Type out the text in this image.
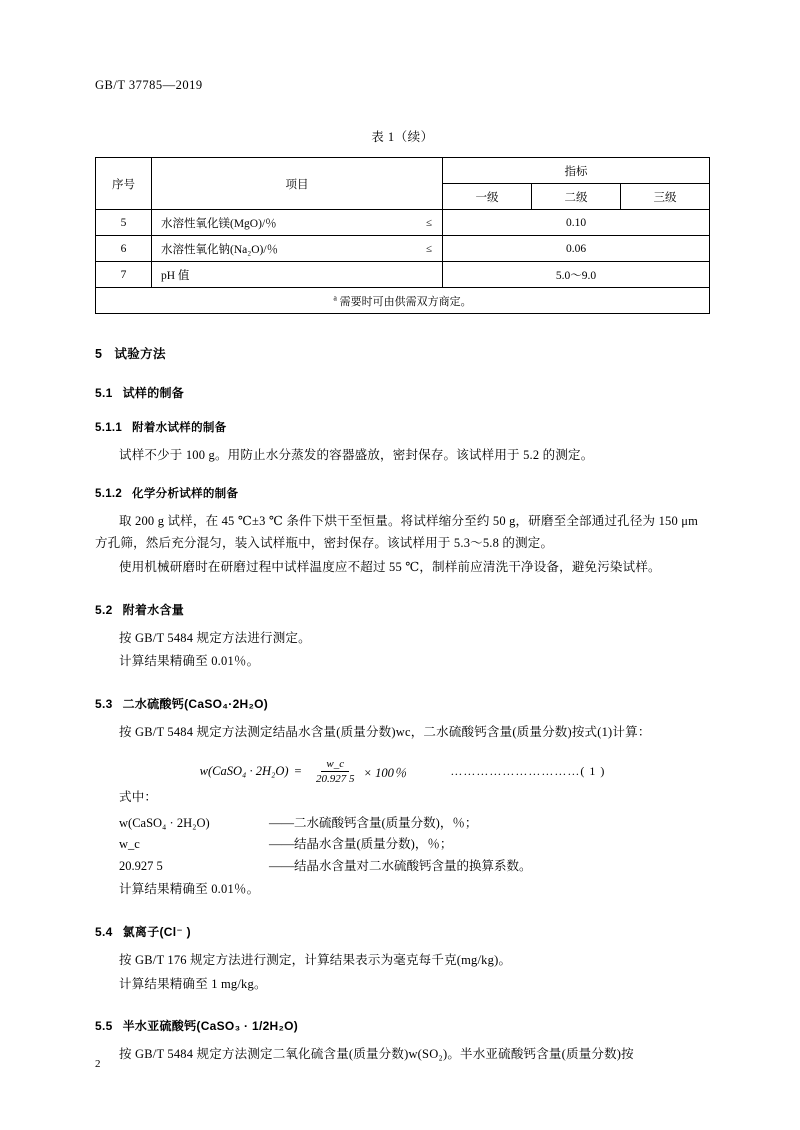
GB/T 37785—2019
表 1（续）
序号	项目	指标		
		一级	二级	三级
5	水溶性氧化镁(MgO)/％ ≤	0.10		
6	水溶性氧化钠(Na₂O)/％ ≤	0.06		
7	pH 值	5.0～9.0		
$^a$ 需要时可由供需双方商定。				
5 试验方法
5.1 试样的制备
5.1.1 附着水试样的制备

试样不少于 100 g。用防止水分蒸发的容器盛放，密封保存。该试样用于 5.2 的测定。

5.1.2 化学分析试样的制备

取 200 g 试样，在 45 ℃±3 ℃ 条件下烘干至恒量。将试样缩分至约 50 g，研磨至全部通过孔径为 150 μm 方孔筛，然后充分混匀，装入试样瓶中，密封保存。该试样用于 5.3～5.8 的测定。

使用机械研磨时在研磨过程中试样温度应不超过 55 ℃，制样前应清洗干净设备，避免污染试样。

5.2 附着水含量

按 GB/T 5484 规定方法进行测定。

计算结果精确至 0.01％。

5.3 二水硫酸钙(CaSO₄·2H₂O)

按 GB/T 5484 规定方法测定结晶水含量(质量分数)wc，二水硫酸钙含量(质量分数)按式(1)计算：

w(CaSO₄ · $2H_2O) = \frac{w\_c}{20.927 5} \times 100$％	…………………………( 1 )

式中：

w(CaSO₄ · 2H₂O)	——二水硫酸钙含量(质量分数)，％；
w_c	——结晶水含量(质量分数)，％；
20.927 5	——结晶水含量对二水硫酸钙含量的换算系数。

计算结果精确至 0.01％。

5.4 氯离子(Cl⁻ )

按 GB/T 176 规定方法进行测定，计算结果表示为毫克每千克(mg/kg)。

计算结果精确至 1 mg/kg。

5.5 半水亚硫酸钙(CaSO₃ · 1/2H₂O)

按 GB/T 5484 规定方法测定二氧化硫含量(质量分数)w(SO₂)。半水亚硫酸钙含量(质量分数)按

2
